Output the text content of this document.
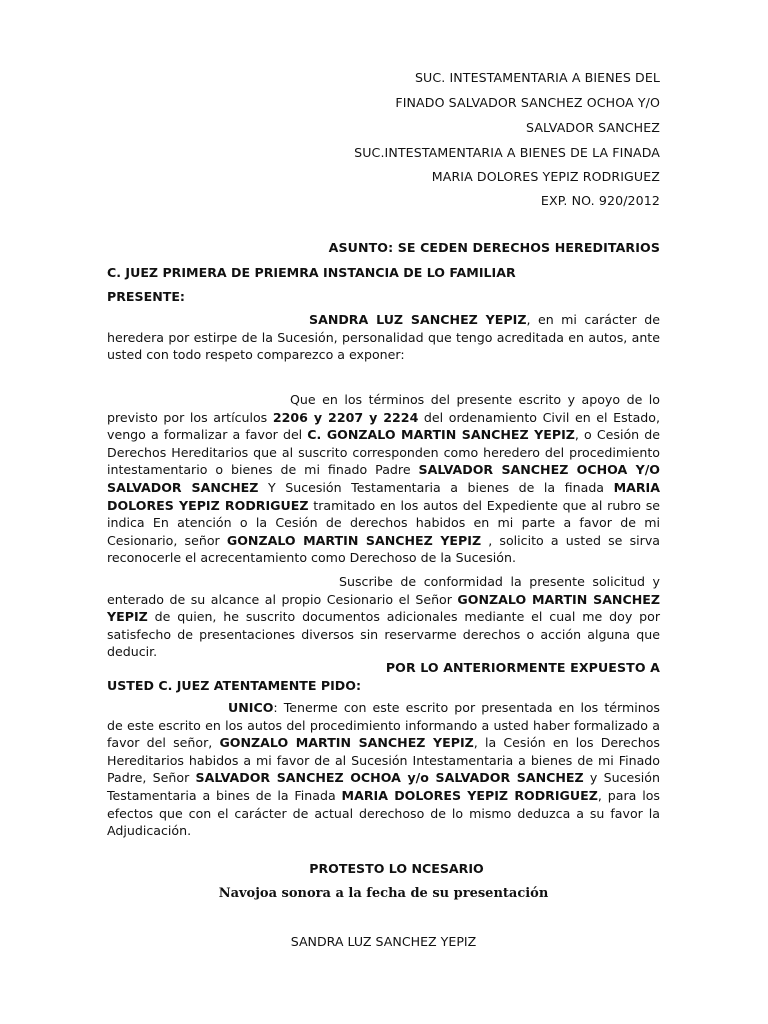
SUC. INTESTAMENTARIA A BIENES DEL
FINADO SALVADOR SANCHEZ OCHOA Y/O
SALVADOR SANCHEZ
SUC.INTESTAMENTARIA A BIENES DE LA FINADA
MARIA DOLORES YEPIZ RODRIGUEZ
EXP. NO. 920/2012
ASUNTO: SE CEDEN DERECHOS HEREDITARIOS
C. JUEZ PRIMERA DE PRIEMRA INSTANCIA DE LO FAMILIAR
PRESENTE:
SANDRA LUZ SANCHEZ YEPIZ, en mi carácter de heredera por estirpe de la Sucesión, personalidad que tengo acreditada en autos, ante usted con todo respeto comparezco a exponer:
Que en los términos del presente escrito y apoyo de lo previsto por los artículos 2206 y 2207 y 2224 del ordenamiento Civil en el Estado, vengo a formalizar a favor del C. GONZALO MARTIN SANCHEZ YEPIZ, o Cesión de Derechos Hereditarios que al suscrito corresponden como heredero del procedimiento intestamentario o bienes de mi finado Padre SALVADOR SANCHEZ OCHOA Y/O SALVADOR SANCHEZ Y Sucesión Testamentaria a bienes de la finada MARIA DOLORES YEPIZ RODRIGUEZ tramitado en los autos del Expediente que al rubro se indica En atención o la Cesión de derechos habidos en mi parte a favor de mi Cesionario, señor GONZALO MARTIN SANCHEZ YEPIZ , solicito a usted se sirva reconocerle el acrecentamiento como Derechoso de la Sucesión.
Suscribe de conformidad la presente solicitud y enterado de su alcance al propio Cesionario el Señor GONZALO MARTIN SANCHEZ YEPIZ de quien, he suscrito documentos adicionales mediante el cual me doy por satisfecho de presentaciones diversos sin reservarme derechos o acción alguna que deducir.
POR LO ANTERIORMENTE EXPUESTO A
USTED C. JUEZ ATENTAMENTE PIDO:
UNICO: Tenerme con este escrito por presentada en los términos de este escrito en los autos del procedimiento informando a usted haber formalizado a favor del señor, GONZALO MARTIN SANCHEZ YEPIZ, la Cesión en los Derechos Hereditarios habidos a mi favor de al Sucesión Intestamentaria a bienes de mi Finado Padre, Señor SALVADOR SANCHEZ OCHOA y/o SALVADOR SANCHEZ y Sucesión Testamentaria a bines de la Finada MARIA DOLORES YEPIZ RODRIGUEZ, para los efectos que con el carácter de actual derechoso de lo mismo deduzca a su favor la Adjudicación.
PROTESTO LO NCESARIO
Navojoa sonora a la fecha de su presentación
SANDRA LUZ SANCHEZ YEPIZ
